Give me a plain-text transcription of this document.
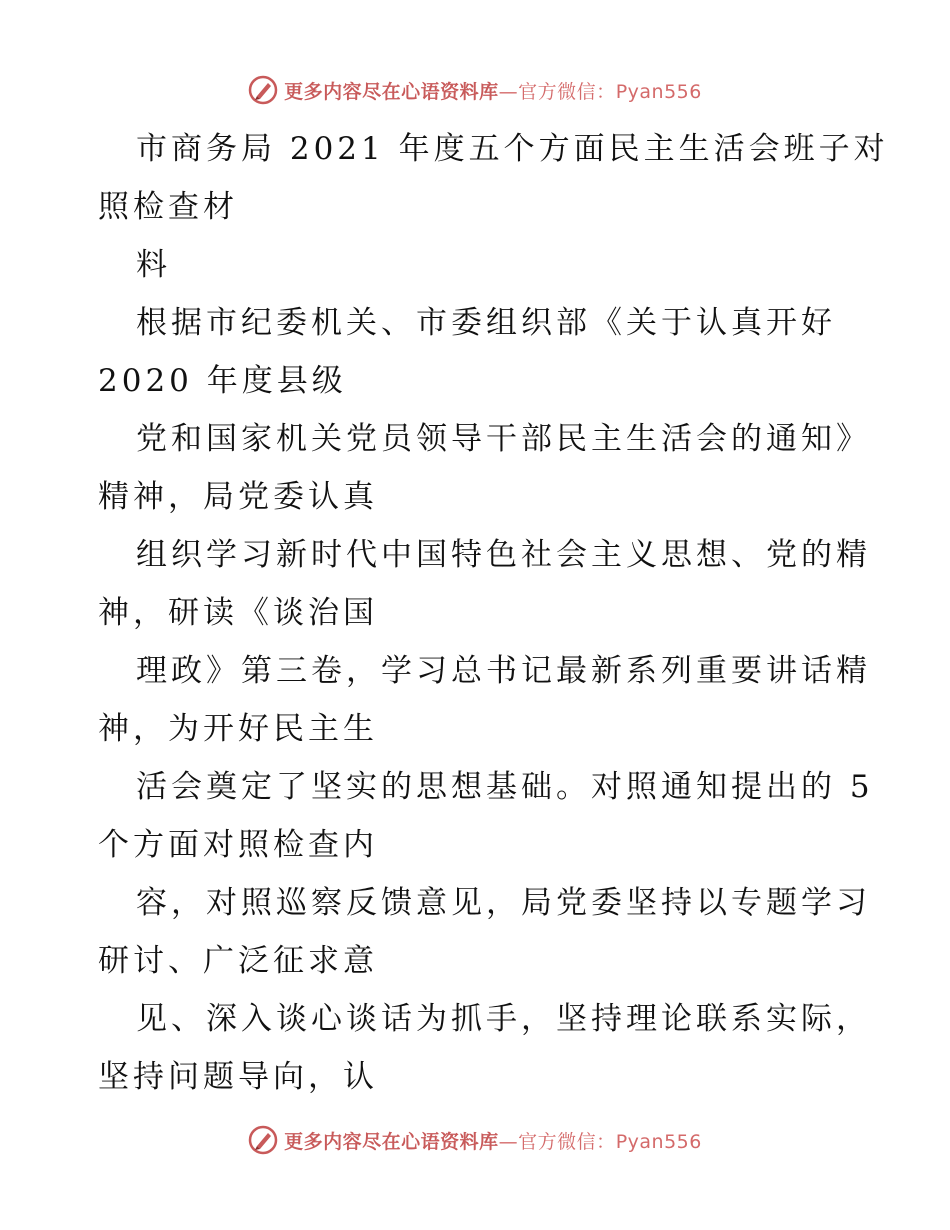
更多内容尽在心语资料库—官方微信：Pyan556
市商务局 2021 年度五个方面民主生活会班子对
照检查材
料
根据市纪委机关、市委组织部《关于认真开好
2020 年度县级
党和国家机关党员领导干部民主生活会的通知》
精神，局党委认真
组织学习新时代中国特色社会主义思想、党的精
神，研读《谈治国
理政》第三卷，学习总书记最新系列重要讲话精
神，为开好民主生
活会奠定了坚实的思想基础。对照通知提出的 5
个方面对照检查内
容，对照巡察反馈意见，局党委坚持以专题学习
研讨、广泛征求意
见、深入谈心谈话为抓手，坚持理论联系实际，
坚持问题导向，认
更多内容尽在心语资料库—官方微信：Pyan556
